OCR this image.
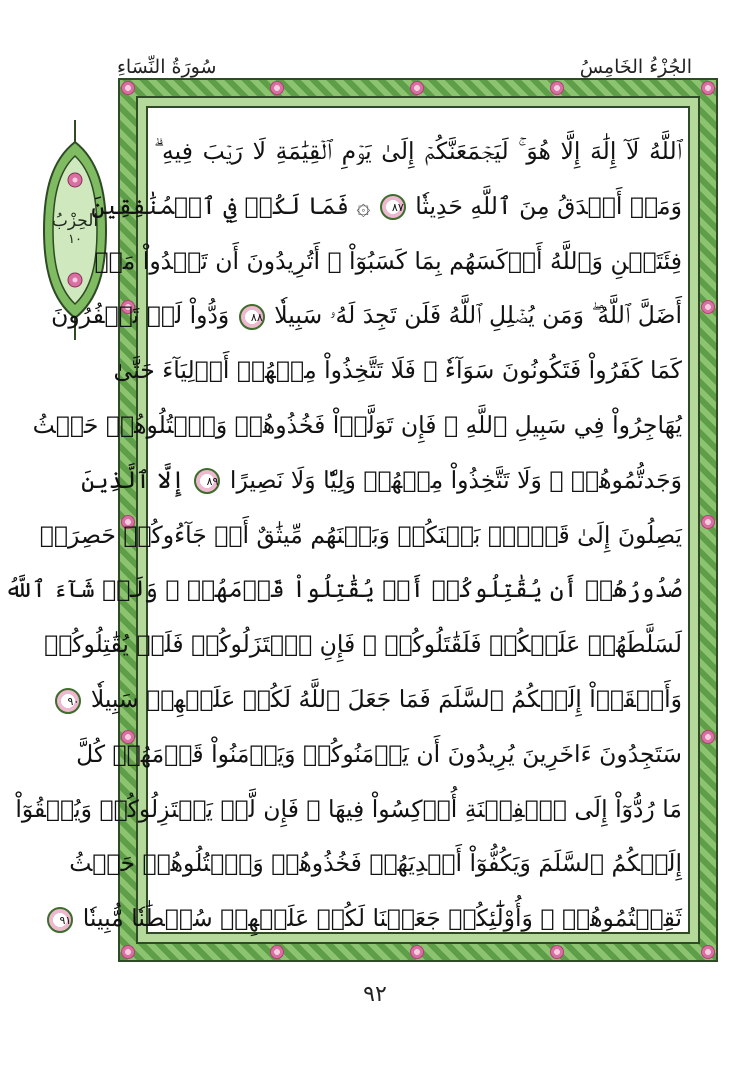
سُورَةُ النِّسَاءِ	الجُزْءُ الخَامِسُ
الحِزْبُ
١٠
ٱللَّهُ لَآ إِلَٰهَ إِلَّا هُوَ ۚ لَيَجۡمَعَنَّكُمۡ إِلَىٰ يَوۡمِ ٱلۡقِيَٰمَةِ لَا رَيۡبَ فِيهِ ۗ
وَمَنۡ أَصۡدَقُ مِنَ ٱللَّهِ حَدِيثٗا ٨٧ ۞ فَمَا لَكُمۡ فِي ٱلۡمُنَٰفِقِينَ
فِئَتَيۡنِ وَٱللَّهُ أَرۡكَسَهُم بِمَا كَسَبُوٓاْ ۚ أَتُرِيدُونَ أَن تَهۡدُواْ مَنۡ
أَضَلَّ ٱللَّهُ ۖ وَمَن يُضۡلِلِ ٱللَّهُ فَلَن تَجِدَ لَهُۥ سَبِيلٗا ٨٨ وَدُّواْ لَوۡ تَكۡفُرُونَ
كَمَا كَفَرُواْ فَتَكُونُونَ سَوَآءٗ ۖ فَلَا تَتَّخِذُواْ مِنۡهُمۡ أَوۡلِيَآءَ حَتَّىٰ
يُهَاجِرُواْ فِي سَبِيلِ ٱللَّهِ ۚ فَإِن تَوَلَّوۡاْ فَخُذُوهُمۡ وَٱقۡتُلُوهُمۡ حَيۡثُ
وَجَدتُّمُوهُمۡ ۖ وَلَا تَتَّخِذُواْ مِنۡهُمۡ وَلِيّٗا وَلَا نَصِيرًا ٨٩ إِلَّا ٱلَّذِينَ
يَصِلُونَ إِلَىٰ قَوۡمِۭ بَيۡنَكُمۡ وَبَيۡنَهُم مِّيثَٰقٌ أَوۡ جَآءُوكُمۡ حَصِرَتۡ
صُدُورُهُمۡ أَن يُقَٰتِلُوكُمۡ أَوۡ يُقَٰتِلُواْ قَوۡمَهُمۡ ۚ وَلَوۡ شَآءَ ٱللَّهُ
لَسَلَّطَهُمۡ عَلَيۡكُمۡ فَلَقَٰتَلُوكُمۡ ۚ فَإِنِ ٱعۡتَزَلُوكُمۡ فَلَمۡ يُقَٰتِلُوكُمۡ
وَأَلۡقَوۡاْ إِلَيۡكُمُ ٱلسَّلَمَ فَمَا جَعَلَ ٱللَّهُ لَكُمۡ عَلَيۡهِمۡ سَبِيلٗا ٩٠
سَتَجِدُونَ ءَاخَرِينَ يُرِيدُونَ أَن يَأۡمَنُوكُمۡ وَيَأۡمَنُواْ قَوۡمَهُمۡ كُلَّ
مَا رُدُّوٓاْ إِلَى ٱلۡفِتۡنَةِ أُرۡكِسُواْ فِيهَا ۚ فَإِن لَّمۡ يَعۡتَزِلُوكُمۡ وَيُلۡقُوٓاْ
إِلَيۡكُمُ ٱلسَّلَمَ وَيَكُفُّوٓاْ أَيۡدِيَهُمۡ فَخُذُوهُمۡ وَٱقۡتُلُوهُمۡ حَيۡثُ
ثَقِفۡتُمُوهُمۡ ۚ وَأُوْلَٰٓئِكُمۡ جَعَلۡنَا لَكُمۡ عَلَيۡهِمۡ سُلۡطَٰنٗا مُّبِينٗا ٩١
٩٢
